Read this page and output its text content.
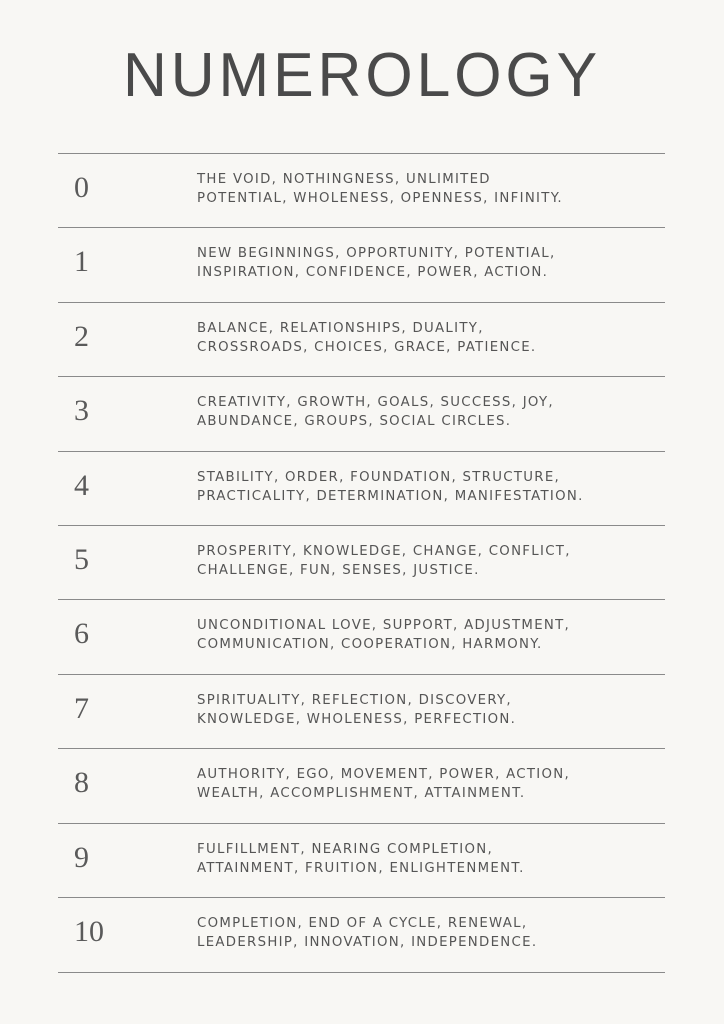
NUMEROLOGY
0	THE VOID, NOTHINGNESS, UNLIMITED
POTENTIAL, WHOLENESS, OPENNESS, INFINITY.
1	NEW BEGINNINGS, OPPORTUNITY, POTENTIAL,
INSPIRATION, CONFIDENCE, POWER, ACTION.
2	BALANCE, RELATIONSHIPS, DUALITY,
CROSSROADS, CHOICES, GRACE, PATIENCE.
3	CREATIVITY, GROWTH, GOALS, SUCCESS, JOY,
ABUNDANCE, GROUPS, SOCIAL CIRCLES.
4	STABILITY, ORDER, FOUNDATION, STRUCTURE,
PRACTICALITY, DETERMINATION, MANIFESTATION.
5	PROSPERITY, KNOWLEDGE, CHANGE, CONFLICT,
CHALLENGE, FUN, SENSES, JUSTICE.
6	UNCONDITIONAL LOVE, SUPPORT, ADJUSTMENT,
COMMUNICATION, COOPERATION, HARMONY.
7	SPIRITUALITY, REFLECTION, DISCOVERY,
KNOWLEDGE, WHOLENESS, PERFECTION.
8	AUTHORITY, EGO, MOVEMENT, POWER, ACTION,
WEALTH, ACCOMPLISHMENT, ATTAINMENT.
9	FULFILLMENT, NEARING COMPLETION,
ATTAINMENT, FRUITION, ENLIGHTENMENT.
10	COMPLETION, END OF A CYCLE, RENEWAL,
LEADERSHIP, INNOVATION, INDEPENDENCE.
